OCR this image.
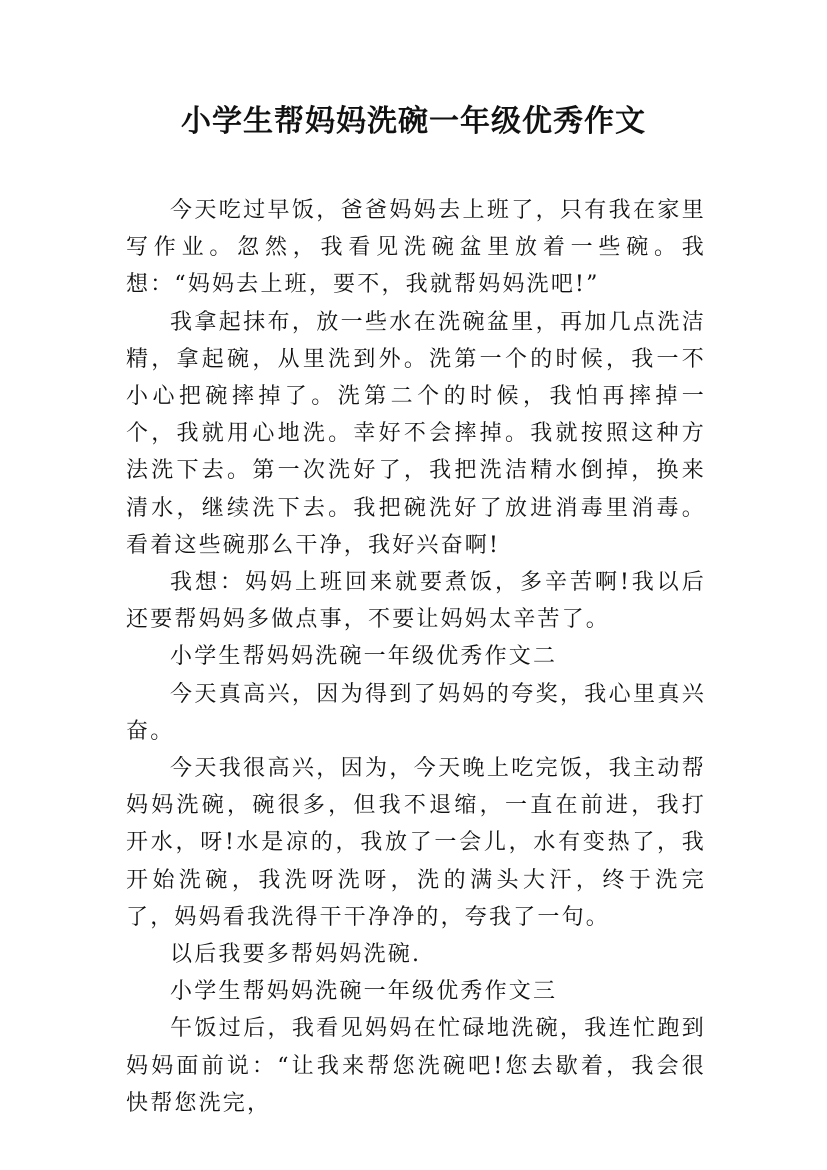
小学生帮妈妈洗碗一年级优秀作文

今天吃过早饭，爸爸妈妈去上班了，只有我在家里写作业。忽然，我看见洗碗盆里放着一些碗。我想：“妈妈去上班，要不，我就帮妈妈洗吧!”

我拿起抹布，放一些水在洗碗盆里，再加几点洗洁精，拿起碗，从里洗到外。洗第一个的时候，我一不小心把碗摔掉了。洗第二个的时候，我怕再摔掉一个，我就用心地洗。幸好不会摔掉。我就按照这种方法洗下去。第一次洗好了，我把洗洁精水倒掉，换来清水，继续洗下去。我把碗洗好了放进消毒里消毒。看着这些碗那么干净，我好兴奋啊!

我想：妈妈上班回来就要煮饭，多辛苦啊!我以后还要帮妈妈多做点事，不要让妈妈太辛苦了。

小学生帮妈妈洗碗一年级优秀作文二

今天真高兴，因为得到了妈妈的夸奖，我心里真兴奋。

今天我很高兴，因为，今天晚上吃完饭，我主动帮妈妈洗碗，碗很多，但我不退缩，一直在前进，我打开水，呀!水是凉的，我放了一会儿，水有变热了，我开始洗碗，我洗呀洗呀，洗的满头大汗，终于洗完了，妈妈看我洗得干干净净的，夸我了一句。

以后我要多帮妈妈洗碗.

小学生帮妈妈洗碗一年级优秀作文三

午饭过后，我看见妈妈在忙碌地洗碗，我连忙跑到妈妈面前说：“让我来帮您洗碗吧!您去歇着，我会很快帮您洗完，
